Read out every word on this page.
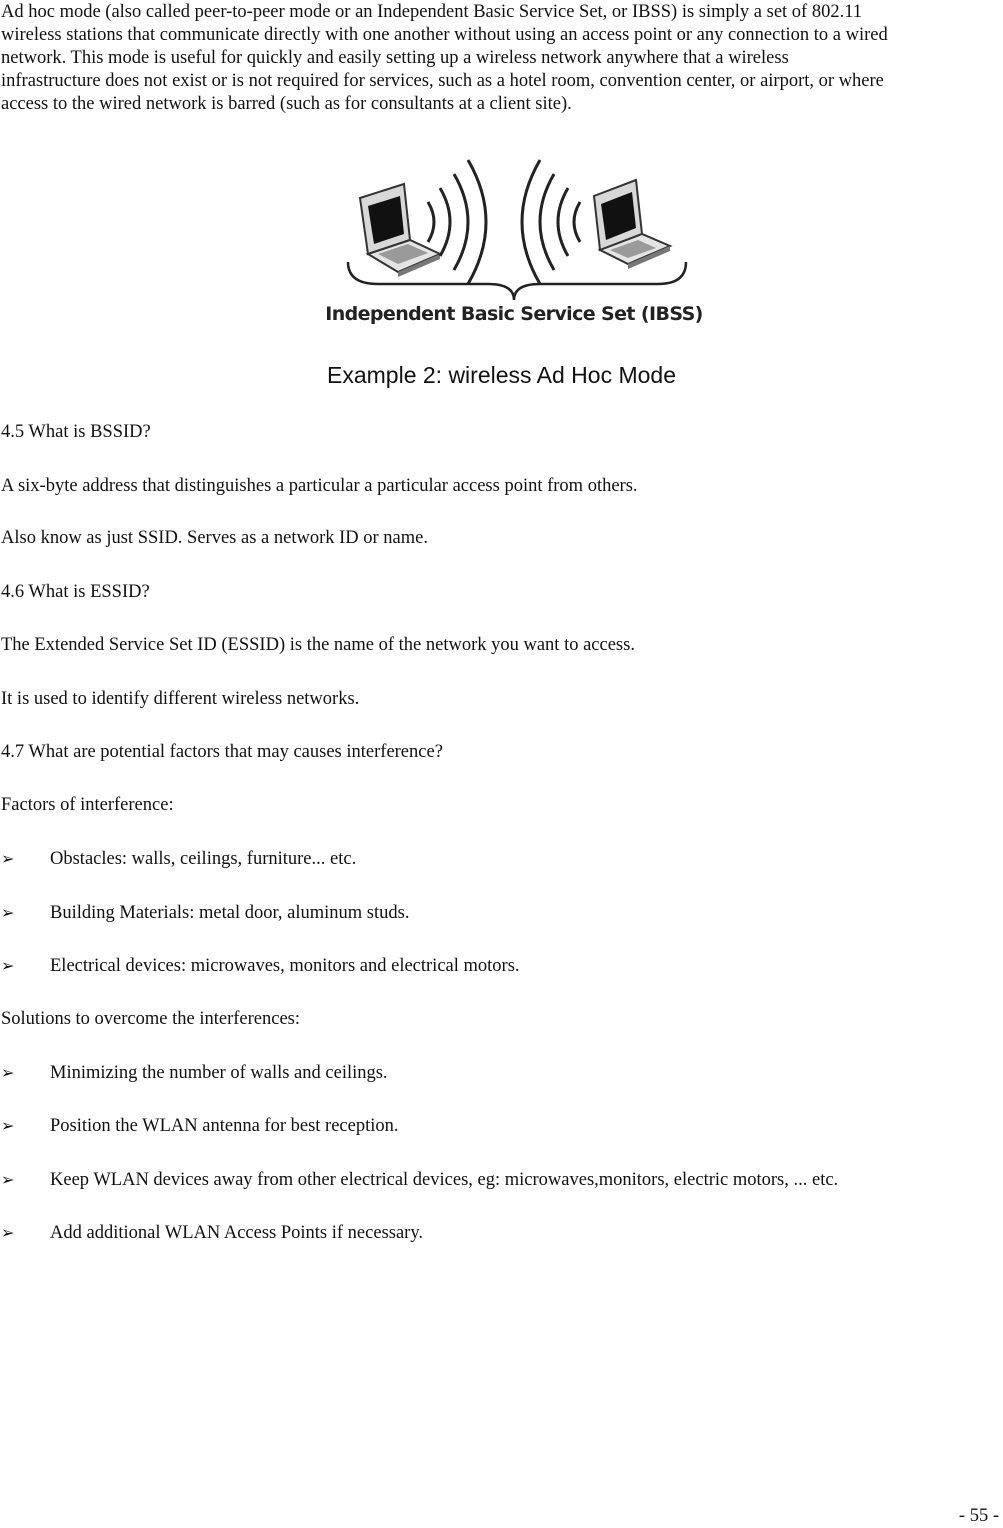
Ad hoc mode (also called peer-to-peer mode or an Independent Basic Service Set, or IBSS) is simply a set of 802.11
wireless stations that communicate directly with one another without using an access point or any connection to a wired
network. This mode is useful for quickly and easily setting up a wireless network anywhere that a wireless
infrastructure does not exist or is not required for services, such as a hotel room, convention center, or airport, or where
access to the wired network is barred (such as for consultants at a client site).
Independent Basic Service Set (IBSS)
Example 2: wireless Ad Hoc Mode
4.5 What is BSSID?
A six-byte address that distinguishes a particular a particular access point from others.
Also know as just SSID. Serves as a network ID or name.
4.6 What is ESSID?
The Extended Service Set ID (ESSID) is the name of the network you want to access.
It is used to identify different wireless networks.
4.7 What are potential factors that may causes interference?
Factors of interference:
➢ Obstacles: walls, ceilings, furniture... etc.
➢ Building Materials: metal door, aluminum studs.
➢ Electrical devices: microwaves, monitors and electrical motors.
Solutions to overcome the interferences:
➢ Minimizing the number of walls and ceilings.
➢ Position the WLAN antenna for best reception.
➢ Keep WLAN devices away from other electrical devices, eg: microwaves,monitors, electric motors, ... etc.
➢ Add additional WLAN Access Points if necessary.
- 55 -
